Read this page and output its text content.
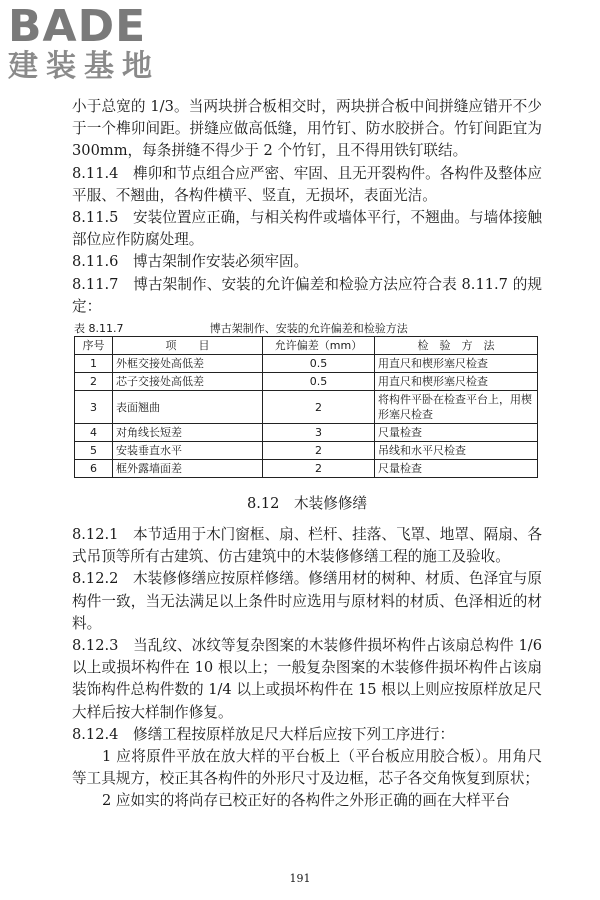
BADE
建装基地

小于总宽的 1/3。当两块拼合板相交时，两块拼合板中间拼缝应错开不少于一个榫卯间距。拼缝应做高低缝，用竹钉、防水胶拼合。竹钉间距宜为 300mm，每条拼缝不得少于 2 个竹钉，且不得用铁钉联结。

8.11.4　榫卯和节点组合应严密、牢固、且无开裂构件。各构件及整体应平服、不翘曲，各构件横平、竖直，无损坏，表面光洁。

8.11.5　安装位置应正确，与相关构件或墙体平行，不翘曲。与墙体接触部位应作防腐处理。

8.11.6　博古架制作安装必须牢固。

8.11.7　博古架制作、安装的允许偏差和检验方法应符合表 8.11.7 的规定：

表 8.11.7	博古架制作、安装的允许偏差和检验方法
序号	项　　目	允许偏差（mm）	检　验　方　法
1	外框交接处高低差	0.5	用直尺和楔形塞尺检查
2	芯子交接处高低差	0.5	用直尺和楔形塞尺检查
3	表面翘曲	2	将构件平卧在检查平台上，用楔形塞尺检查
4	对角线长短差	3	尺量检查
5	安装垂直水平	2	吊线和水平尺检查
6	框外露墙面差	2	尺量检查
8.12　木装修修缮

8.12.1　本节适用于木门窗框、扇、栏杆、挂落、飞罩、地罩、隔扇、各式吊顶等所有古建筑、仿古建筑中的木装修修缮工程的施工及验收。

8.12.2　木装修修缮应按原样修缮。修缮用材的树种、材质、色泽宜与原构件一致，当无法满足以上条件时应选用与原材料的材质、色泽相近的材料。

8.12.3　当乱纹、冰纹等复杂图案的木装修件损坏构件占该扇总构件 1/6 以上或损坏构件在 10 根以上；一般复杂图案的木装修件损坏构件占该扇装饰构件总构件数的 1/4 以上或损坏构件在 15 根以上则应按原样放足尺大样后按大样制作修复。

8.12.4　修缮工程按原样放足尺大样后应按下列工序进行：

1 应将原件平放在放大样的平台板上（平台板应用胶合板）。用角尺等工具规方，校正其各构件的外形尺寸及边框，芯子各交角恢复到原状；

2 应如实的将尚存已校正好的各构件之外形正确的画在大样平台

191
